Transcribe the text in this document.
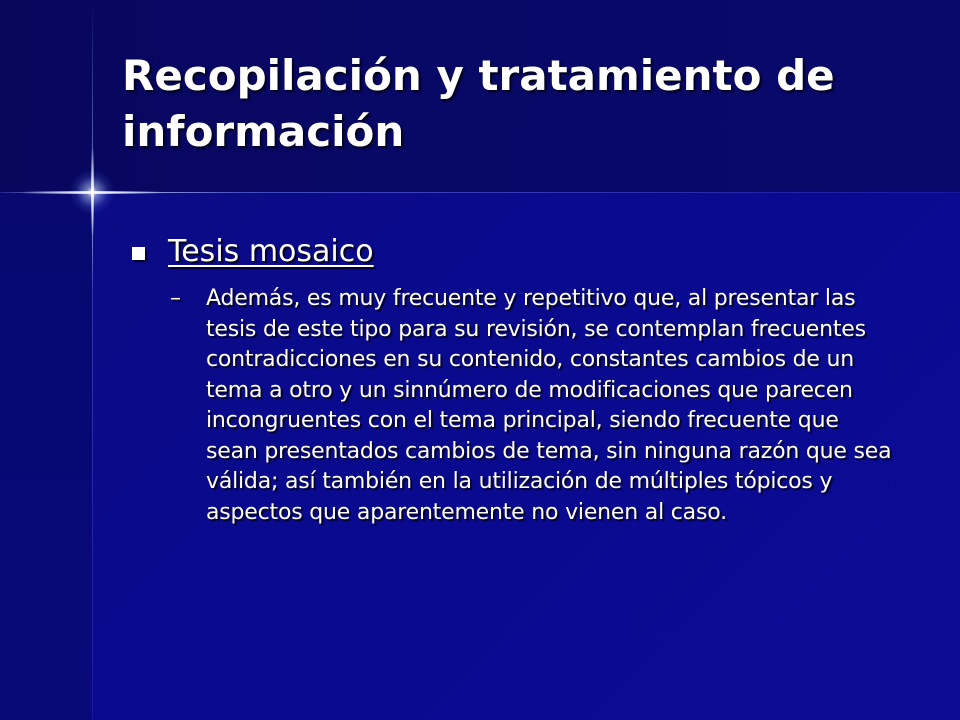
Recopilación y tratamiento de información
Tesis mosaico
– Además, es muy frecuente y repetitivo que, al presentar las tesis de este tipo para su revisión, se contemplan frecuentes contradicciones en su contenido, constantes cambios de un tema a otro y un sinnúmero de modificaciones que parecen incongruentes con el tema principal, siendo frecuente que sean presentados cambios de tema, sin ninguna razón que sea válida; así también en la utilización de múltiples tópicos y aspectos que aparentemente no vienen al caso.
